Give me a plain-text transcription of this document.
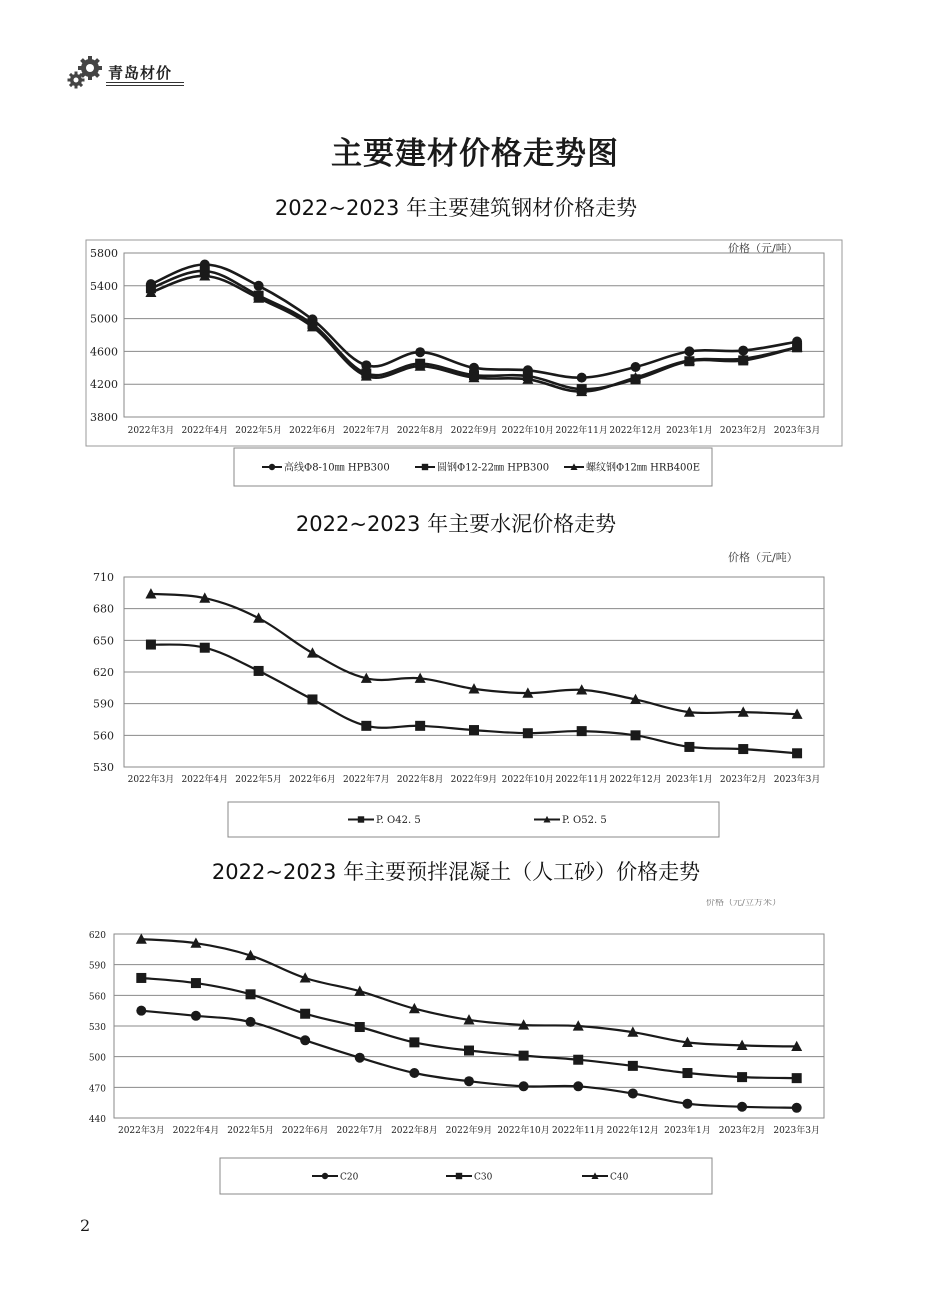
青岛材价
主要建材价格走势图
2022~2023 年主要建筑钢材价格走势
价格（元/吨）
2022~2023 年主要水泥价格走势
价格（元/吨）
2022~2023 年主要预拌混凝土（人工砂）价格走势
价格（元/立方米）
3800
4200
4600
5000
5400
5800
2022年3月 2022年4月 2022年5月 2022年6月 2022年7月 2022年8月 2022年9月 2022年10月 2022年11月 2022年12月 2023年1月 2023年2月 2023年3月
高线Φ8-10㎜ HPB300	圆钢Φ12-22㎜ HPB300	螺纹钢Φ12㎜ HRB400E
530
560
590
620
650
680
710
2022年3月 2022年4月 2022年5月 2022年6月 2022年7月 2022年8月 2022年9月 2022年10月 2022年11月 2022年12月 2023年1月 2023年2月 2023年3月
P. O42. 5	P. O52. 5
440
470
500
530
560
590
620
2022年3月 2022年4月 2022年5月 2022年6月 2022年7月 2022年8月 2022年9月 2022年10月 2022年11月 2022年12月 2023年1月 2023年2月 2023年3月
C20	C30	C40
2
